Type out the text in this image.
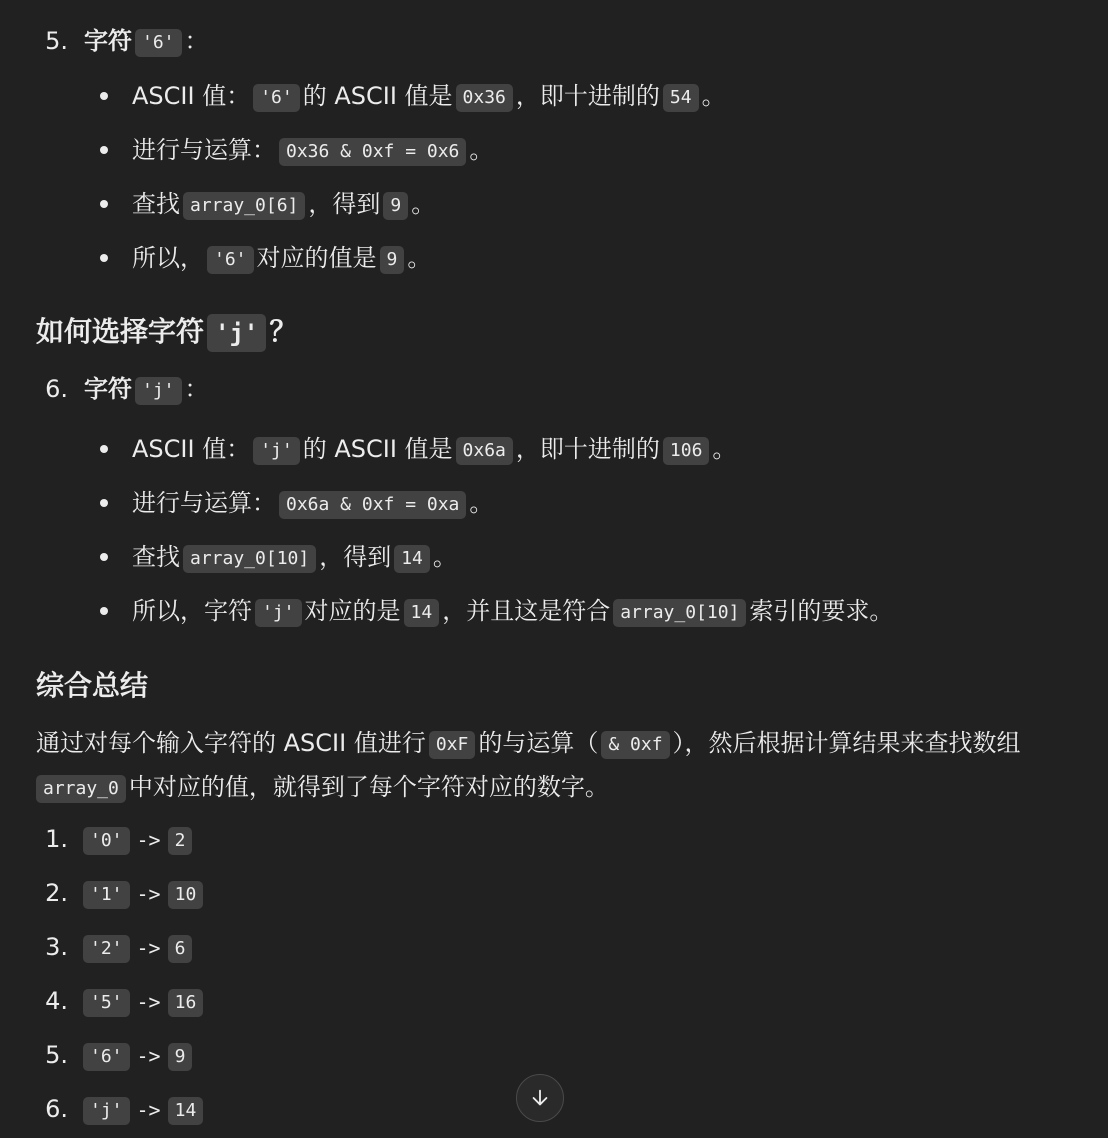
5. 字符 '6' ：
ASCII 值： '6' 的 ASCII 值是 0x36 ，即十进制的 54 。
进行与运算： 0x36 & 0xf = 0x6 。
查找 array_0[6] ，得到 9 。
所以， '6' 对应的值是 9 。
如何选择字符 'j' ？
6. 字符 'j' ：
ASCII 值： 'j' 的 ASCII 值是 0x6a ，即十进制的 106 。
进行与运算： 0x6a & 0xf = 0xa 。
查找 array_0[10] ，得到 14 。
所以，字符 'j' 对应的是 14 ，并且这是符合 array_0[10] 索引的要求。
综合总结
通过对每个输入字符的 ASCII 值进行 0xF 的与运算（ & 0xf ），然后根据计算结果来查找数组
array_0 中对应的值，就得到了每个字符对应的数字。
1.	'0' -> 2
2.	'1' -> 10
3.	'2' -> 6
4.	'5' -> 16
5.	'6' -> 9
6.	'j' -> 14
